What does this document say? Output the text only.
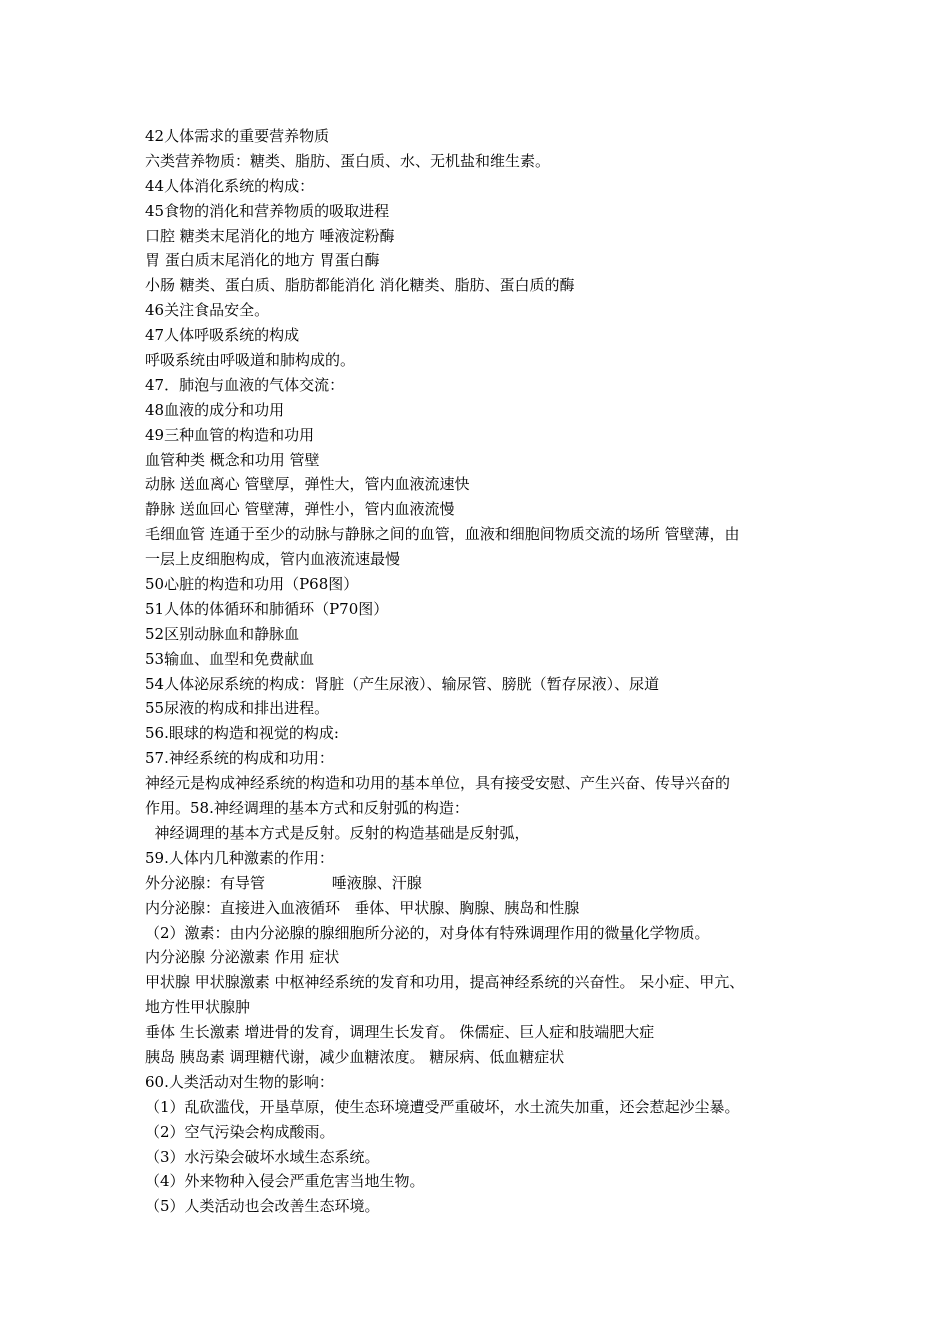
42人体需求的重要营养物质
六类营养物质：糖类、脂肪、蛋白质、水、无机盐和维生素。
44人体消化系统的构成：
45食物的消化和营养物质的吸取进程
口腔 糖类末尾消化的地方 唾液淀粉酶
胃 蛋白质末尾消化的地方 胃蛋白酶
小肠 糖类、蛋白质、脂肪都能消化 消化糖类、脂肪、蛋白质的酶
46关注食品安全。
47人体呼吸系统的构成
呼吸系统由呼吸道和肺构成的。
47．肺泡与血液的气体交流：
48血液的成分和功用
49三种血管的构造和功用
血管种类 概念和功用 管壁
动脉 送血离心 管壁厚，弹性大，管内血液流速快
静脉 送血回心 管壁薄，弹性小，管内血液流慢
毛细血管 连通于至少的动脉与静脉之间的血管，血液和细胞间物质交流的场所 管壁薄，由
一层上皮细胞构成，管内血液流速最慢
50心脏的构造和功用（P68图）
51人体的体循环和肺循环（P70图）
52区别动脉血和静脉血
53输血、血型和免费献血
54人体泌尿系统的构成：肾脏（产生尿液）、输尿管、膀胱（暂存尿液）、尿道
55尿液的构成和排出进程。
56.眼球的构造和视觉的构成:
57.神经系统的构成和功用：
神经元是构成神经系统的构造和功用的基本单位，具有接受安慰、产生兴奋、传导兴奋的
作用。58.神经调理的基本方式和反射弧的构造：
神经调理的基本方式是反射。反射的构造基础是反射弧，
59.人体内几种激素的作用：
外分泌腺：有导管              唾液腺、汗腺
内分泌腺：直接进入血液循环   垂体、甲状腺、胸腺、胰岛和性腺
（2）激素：由内分泌腺的腺细胞所分泌的，对身体有特殊调理作用的微量化学物质。
内分泌腺 分泌激素 作用 症状
甲状腺 甲状腺激素 中枢神经系统的发育和功用，提高神经系统的兴奋性。 呆小症、甲亢、
地方性甲状腺肿
垂体 生长激素 增进骨的发育，调理生长发育。 侏儒症、巨人症和肢端肥大症
胰岛 胰岛素 调理糖代谢，减少血糖浓度。 糖尿病、低血糖症状
60.人类活动对生物的影响：
（1）乱砍滥伐，开垦草原，使生态环境遭受严重破坏，水土流失加重，还会惹起沙尘暴。
（2）空气污染会构成酸雨。
（3）水污染会破坏水域生态系统。
（4）外来物种入侵会严重危害当地生物。
（5）人类活动也会改善生态环境。
